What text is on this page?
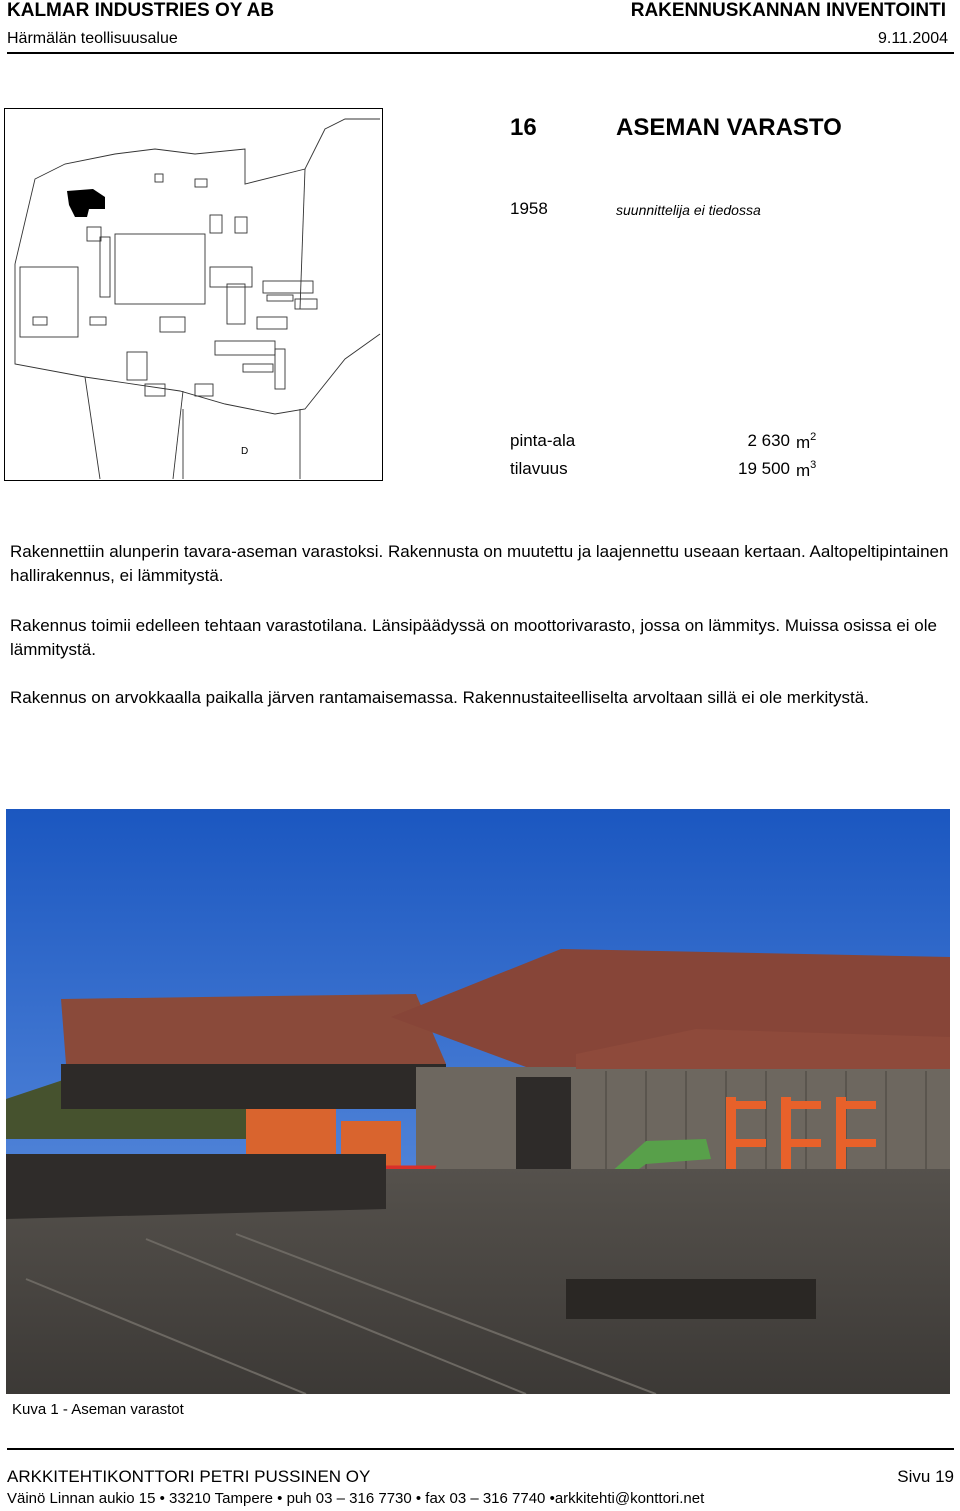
KALMAR INDUSTRIES OY AB	RAKENNUSKANNAN INVENTOINTI
Härmälän teollisuusalue	9.11.2004
D
16	ASEMAN VARASTO
1958	suunnittelija ei tiedossa
pinta-ala	2 630 $m^2$
tilavuus	19 500 $m^3$

Rakennettiin alunperin tavara-aseman varastoksi. Rakennusta on muutettu ja laajennettu useaan kertaan. Aaltopeltipintainen hallirakennus, ei lämmitystä.

Rakennus toimii edelleen tehtaan varastotilana. Länsipäädyssä on moottorivarasto, jossa on lämmitys. Muissa osissa ei ole lämmitystä.

Rakennus on arvokkaalla paikalla järven rantamaisemassa. Rakennustaiteelliselta arvoltaan sillä ei ole merkitystä.

Kuva 1 - Aseman varastot
ARKKITEHTIKONTTORI PETRI PUSSINEN OY	Sivu 19
Väinö Linnan aukio 15 • 33210 Tampere • puh 03 – 316 7730 • fax 03 – 316 7740 •arkkitehti@konttori.net
